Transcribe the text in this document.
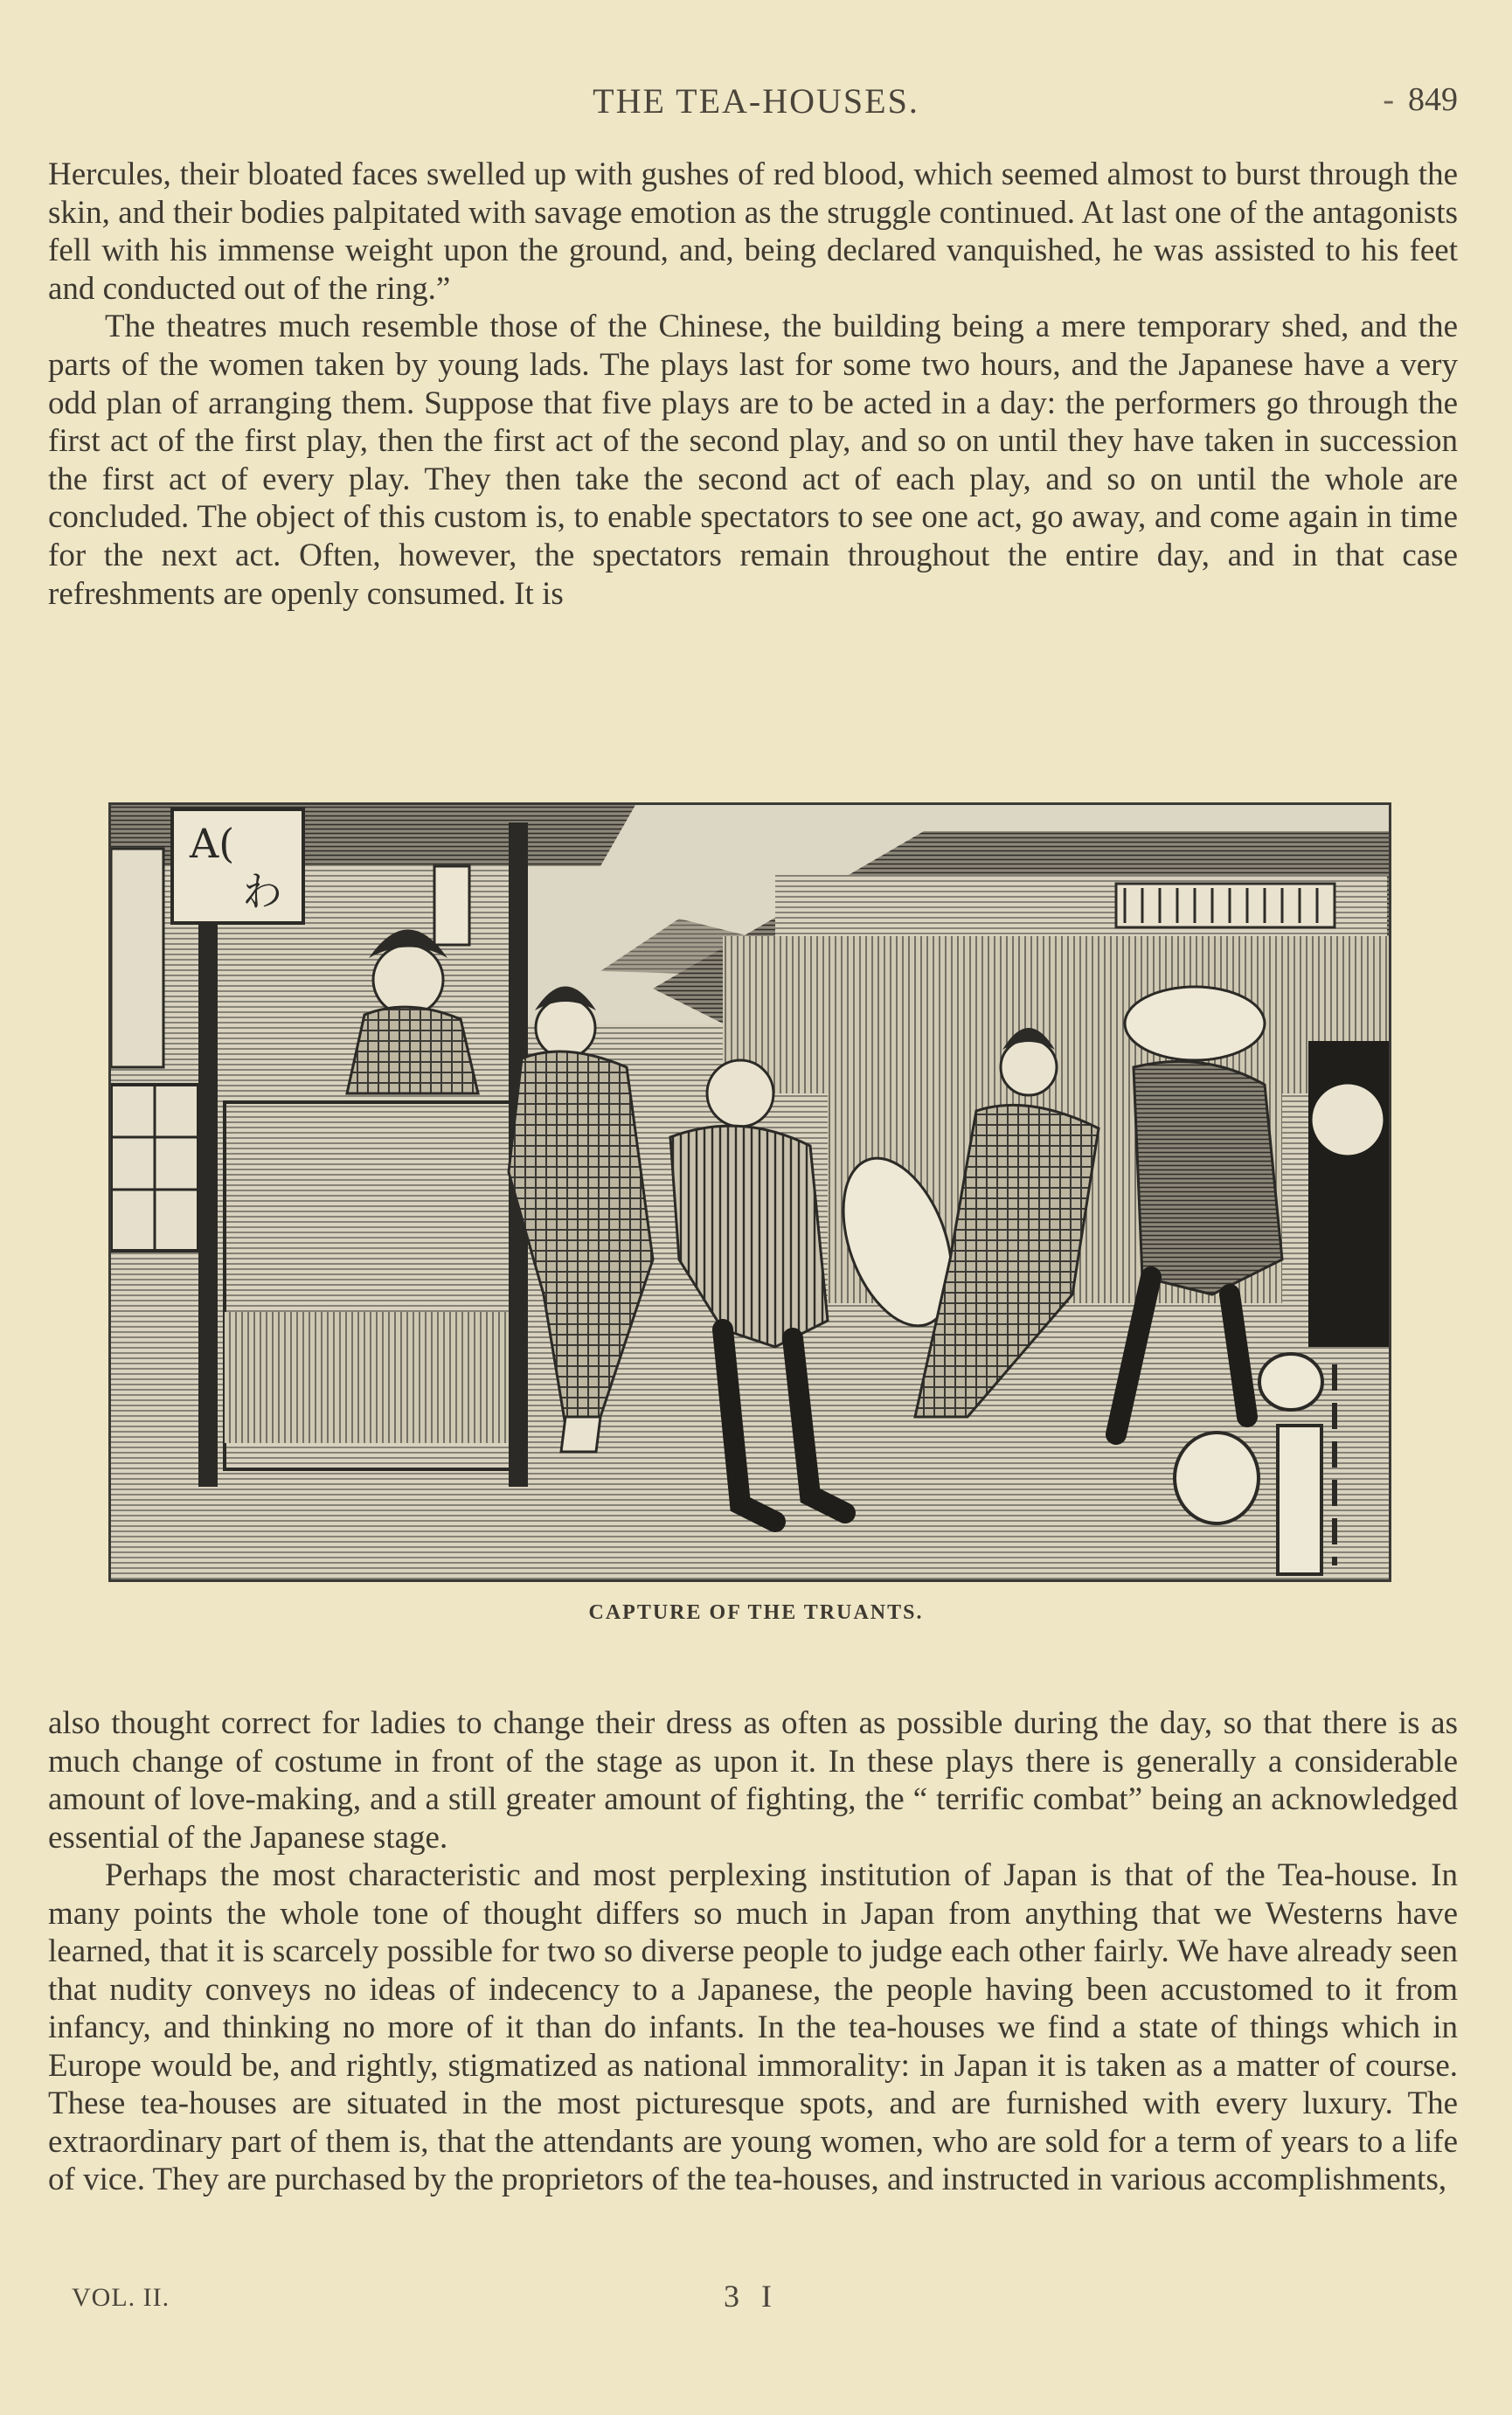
THE TEA-HOUSES.	- 849

Hercules, their bloated faces swelled up with gushes of red blood, which seemed almost to burst through the skin, and their bodies palpitated with savage emotion as the struggle continued. At last one of the antagonists fell with his immense weight upon the ground, and, being declared vanquished, he was assisted to his feet and conducted out of the ring.”

The theatres much resemble those of the Chinese, the building being a mere temporary shed, and the parts of the women taken by young lads. The plays last for some two hours, and the Japanese have a very odd plan of arranging them. Suppose that five plays are to be acted in a day: the performers go through the first act of the first play, then the first act of the second play, and so on until they have taken in succession the first act of every play. They then take the second act of each play, and so on until the whole are concluded. The object of this custom is, to enable spectators to see one act, go away, and come again in time for the next act. Often, however, the spectators remain throughout the entire day, and in that case refreshments are openly consumed. It is

A(
わ
CAPTURE OF THE TRUANTS.

also thought correct for ladies to change their dress as often as possible during the day, so that there is as much change of costume in front of the stage as upon it. In these plays there is generally a considerable amount of love-making, and a still greater amount of fighting, the “ terrific combat” being an acknowledged essential of the Japanese stage.

Perhaps the most characteristic and most perplexing institution of Japan is that of the Tea-house. In many points the whole tone of thought differs so much in Japan from anything that we Westerns have learned, that it is scarcely possible for two so diverse people to judge each other fairly. We have already seen that nudity conveys no ideas of indecency to a Japanese, the people having been accustomed to it from infancy, and thinking no more of it than do infants. In the tea-houses we find a state of things which in Europe would be, and rightly, stigmatized as national immorality: in Japan it is taken as a matter of course. These tea-houses are situated in the most picturesque spots, and are furnished with every luxury. The extraordinary part of them is, that the attendants are young women, who are sold for a term of years to a life of vice. They are purchased by the proprietors of the tea-houses, and instructed in various accomplishments,

VOL. II.	3 I
